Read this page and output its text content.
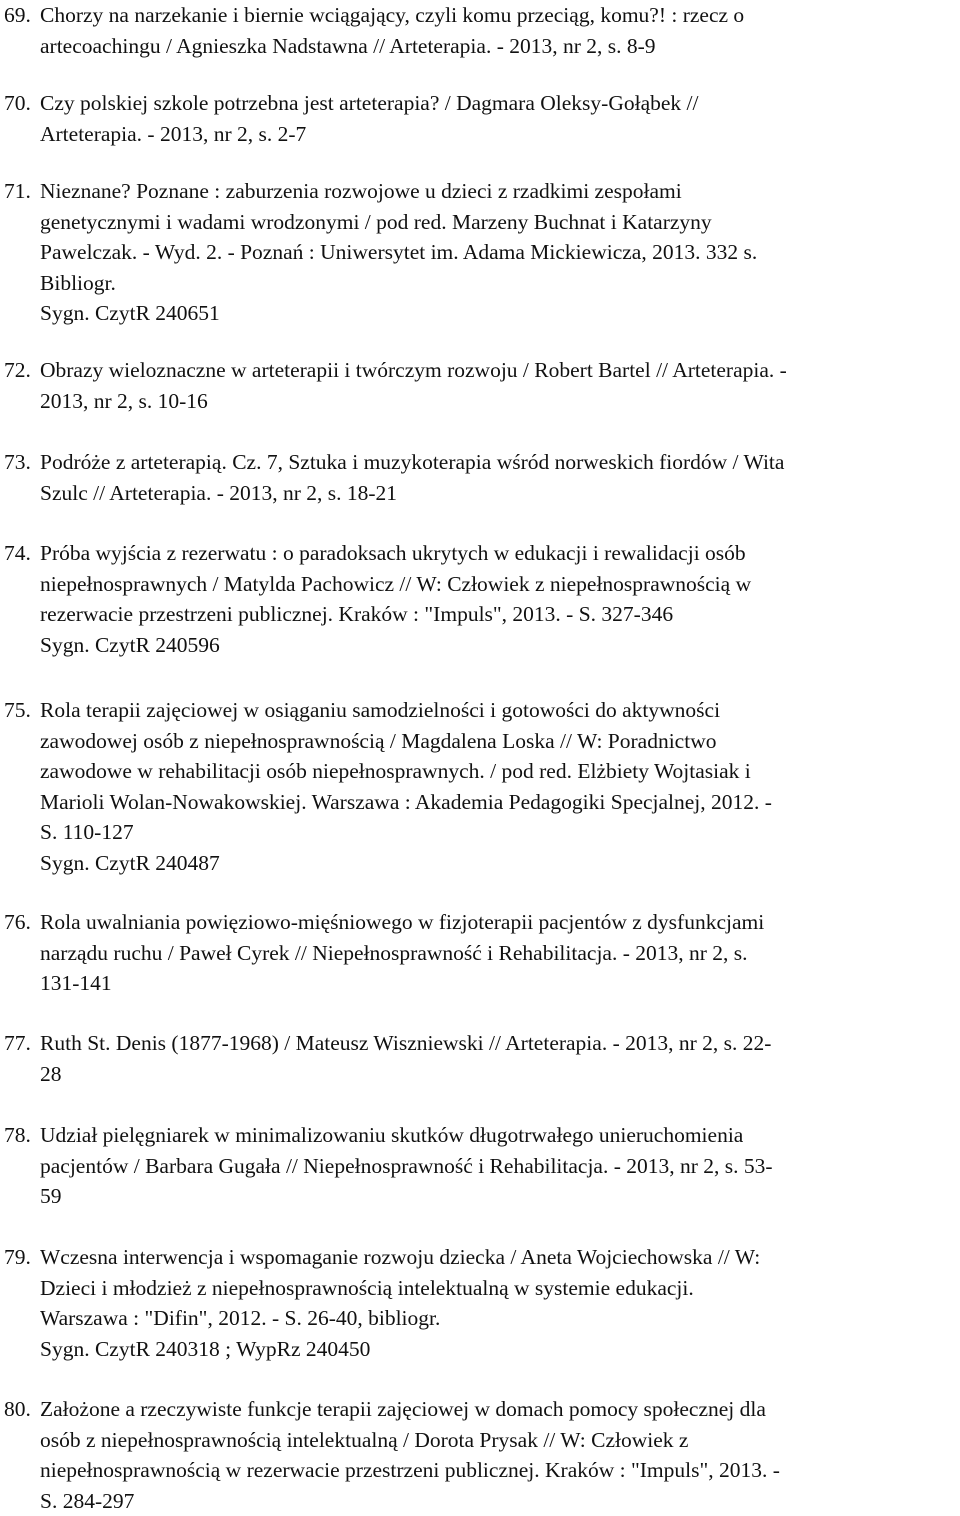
69. Chorzy na narzekanie i biernie wciągający, czyli komu przeciąg, komu?! : rzecz o
artecoachingu / Agnieszka Nadstawna // Arteterapia. - 2013, nr 2, s. 8-9
70. Czy polskiej szkole potrzebna jest arteterapia? / Dagmara Oleksy-Gołąbek //
Arteterapia. - 2013, nr 2, s. 2-7
71. Nieznane? Poznane : zaburzenia rozwojowe u dzieci z rzadkimi zespołami
genetycznymi i wadami wrodzonymi / pod red. Marzeny Buchnat i Katarzyny
Pawelczak. - Wyd. 2. - Poznań : Uniwersytet im. Adama Mickiewicza, 2013. 332 s.
Bibliogr.
Sygn. CzytR 240651
72. Obrazy wieloznaczne w arteterapii i twórczym rozwoju / Robert Bartel // Arteterapia. -
2013, nr 2, s. 10-16
73. Podróże z arteterapią. Cz. 7, Sztuka i muzykoterapia wśród norweskich fiordów / Wita
Szulc // Arteterapia. - 2013, nr 2, s. 18-21
74. Próba wyjścia z rezerwatu : o paradoksach ukrytych w edukacji i rewalidacji osób
niepełnosprawnych / Matylda Pachowicz // W: Człowiek z niepełnosprawnością w
rezerwacie przestrzeni publicznej. Kraków : "Impuls", 2013. - S. 327-346
Sygn. CzytR 240596
75. Rola terapii zajęciowej w osiąganiu samodzielności i gotowości do aktywności
zawodowej osób z niepełnosprawnością / Magdalena Loska // W: Poradnictwo
zawodowe w rehabilitacji osób niepełnosprawnych. / pod red. Elżbiety Wojtasiak i
Marioli Wolan-Nowakowskiej. Warszawa : Akademia Pedagogiki Specjalnej, 2012. -
S. 110-127
Sygn. CzytR 240487
76. Rola uwalniania powięziowo-mięśniowego w fizjoterapii pacjentów z dysfunkcjami
narządu ruchu / Paweł Cyrek // Niepełnosprawność i Rehabilitacja. - 2013, nr 2, s.
131-141
77. Ruth St. Denis (1877-1968) / Mateusz Wiszniewski // Arteterapia. - 2013, nr 2, s. 22-
28
78. Udział pielęgniarek w minimalizowaniu skutków długotrwałego unieruchomienia
pacjentów / Barbara Gugała // Niepełnosprawność i Rehabilitacja. - 2013, nr 2, s. 53-
59
79. Wczesna interwencja i wspomaganie rozwoju dziecka / Aneta Wojciechowska // W:
Dzieci i młodzież z niepełnosprawnością intelektualną w systemie edukacji.
Warszawa : "Difin", 2012. - S. 26-40, bibliogr.
Sygn. CzytR 240318 ; WypRz 240450
80. Założone a rzeczywiste funkcje terapii zajęciowej w domach pomocy społecznej dla
osób z niepełnosprawnością intelektualną / Dorota Prysak // W: Człowiek z
niepełnosprawnością w rezerwacie przestrzeni publicznej. Kraków : "Impuls", 2013. -
S. 284-297
